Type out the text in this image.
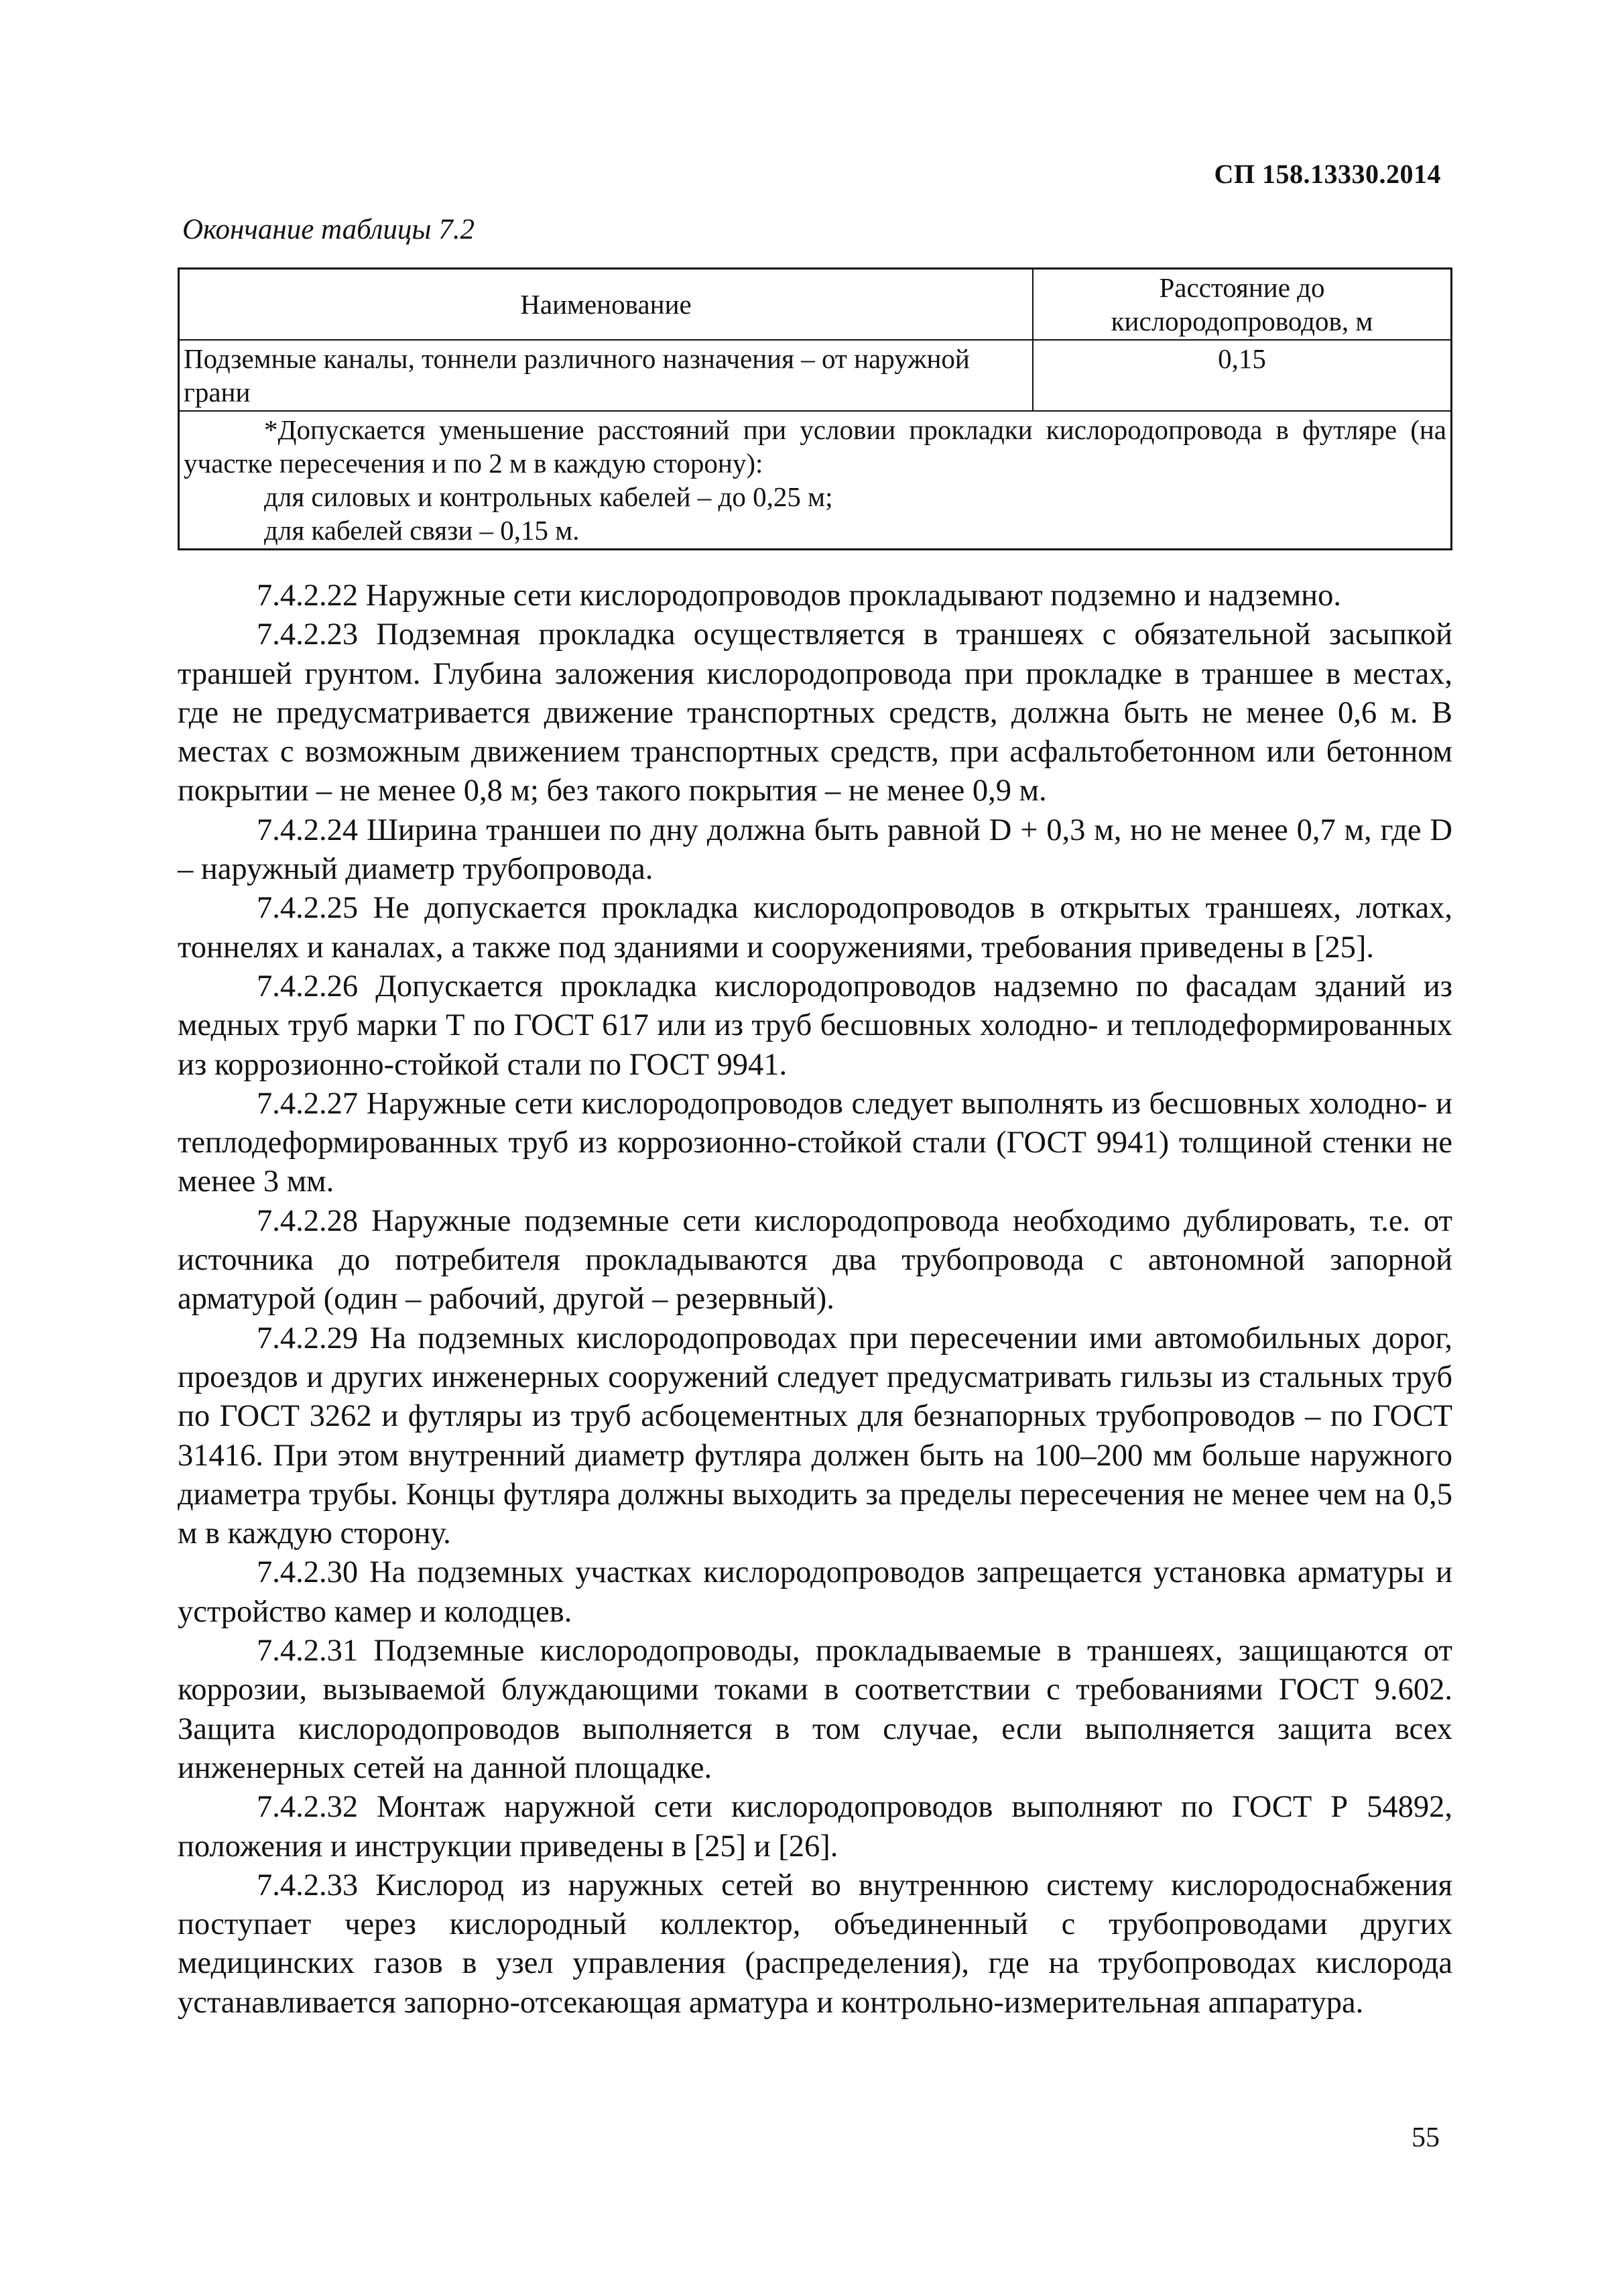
СП 158.13330.2014
Окончание таблицы 7.2
Наименование	Расстояние до кислородопроводов, м
Подземные каналы, тоннели различного назначения – от наружной грани	0,15

*Допускается уменьшение расстояний при условии прокладки кислородопровода в футляре (на участке пересечения и по 2 м в каждую сторону):
для силовых и контрольных кабелей – до 0,25 м;
для кабелей связи – 0,15 м.	

7.4.2.22 Наружные сети кислородопроводов прокладывают подземно и надземно.

7.4.2.23 Подземная прокладка осуществляется в траншеях с обязательной засыпкой траншей грунтом. Глубина заложения кислородопровода при прокладке в траншее в местах, где не предусматривается движение транспортных средств, должна быть не менее 0,6 м. В местах с возможным движением транспортных средств, при асфальтобетонном или бетонном покрытии – не менее 0,8 м; без такого покрытия – не менее 0,9 м.

7.4.2.24 Ширина траншеи по дну должна быть равной D + 0,3 м, но не менее 0,7 м, где D – наружный диаметр трубопровода.

7.4.2.25 Не допускается прокладка кислородопроводов в открытых траншеях, лотках, тоннелях и каналах, а также под зданиями и сооружениями, требования приведены в [25].

7.4.2.26 Допускается прокладка кислородопроводов надземно по фасадам зданий из медных труб марки Т по ГОСТ 617 или из труб бесшовных холодно- и теплодеформированных из коррозионно-стойкой стали по ГОСТ 9941.

7.4.2.27 Наружные сети кислородопроводов следует выполнять из бесшовных холодно- и теплодеформированных труб из коррозионно-стойкой стали (ГОСТ 9941) толщиной стенки не менее 3 мм.

7.4.2.28 Наружные подземные сети кислородопровода необходимо дублировать, т.е. от источника до потребителя прокладываются два трубопровода с автономной запорной арматурой (один – рабочий, другой – резервный).

7.4.2.29 На подземных кислородопроводах при пересечении ими автомобильных дорог, проездов и других инженерных сооружений следует предусматривать гильзы из стальных труб по ГОСТ 3262 и футляры из труб асбоцементных для безнапорных трубопроводов – по ГОСТ 31416. При этом внутренний диаметр футляра должен быть на 100–200 мм больше наружного диаметра трубы. Концы футляра должны выходить за пределы пересечения не менее чем на 0,5 м в каждую сторону.

7.4.2.30 На подземных участках кислородопроводов запрещается установка арматуры и устройство камер и колодцев.

7.4.2.31 Подземные кислородопроводы, прокладываемые в траншеях, защищаются от коррозии, вызываемой блуждающими токами в соответствии с требованиями ГОСТ 9.602. Защита кислородопроводов выполняется в том случае, если выполняется защита всех инженерных сетей на данной площадке.

7.4.2.32 Монтаж наружной сети кислородопроводов выполняют по ГОСТ Р 54892, положения и инструкции приведены в [25] и [26].

7.4.2.33 Кислород из наружных сетей во внутреннюю систему кислородоснабжения поступает через кислородный коллектор, объединенный с трубопроводами других медицинских газов в узел управления (распределения), где на трубопроводах кислорода устанавливается запорно-отсекающая арматура и контрольно-измерительная аппаратура.

55
